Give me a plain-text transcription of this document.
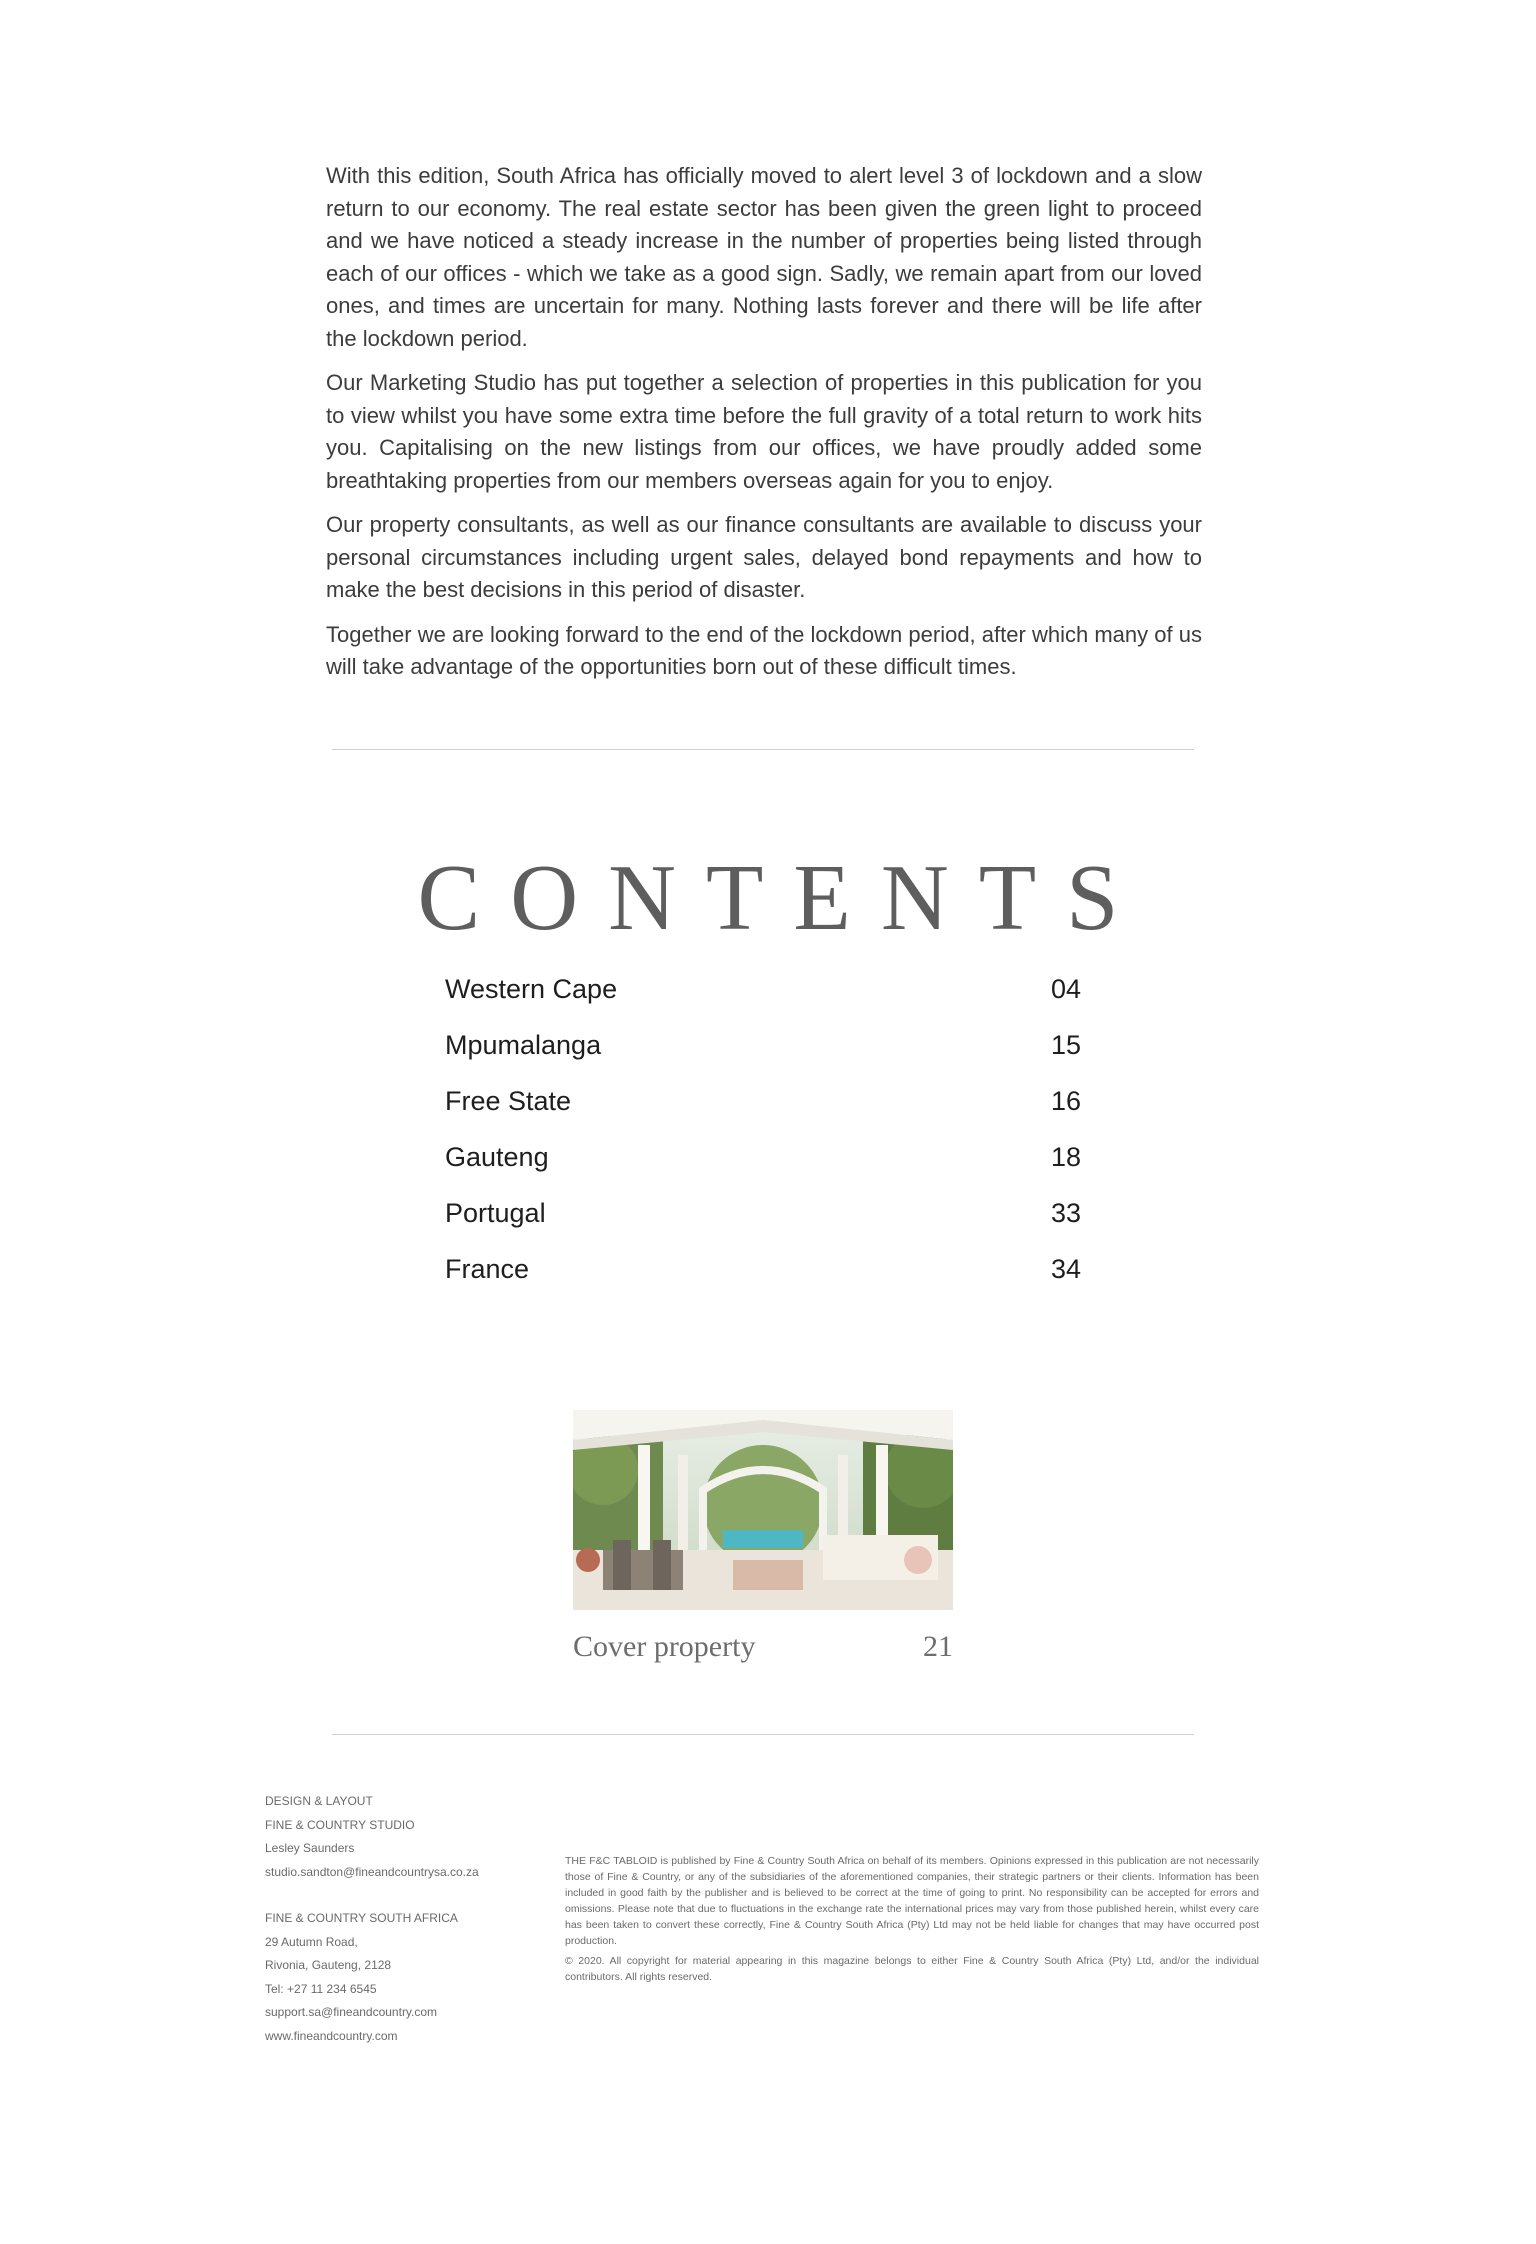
With this edition, South Africa has officially moved to alert level 3 of lockdown and a slow return to our economy. The real estate sector has been given the green light to proceed and we have noticed a steady increase in the number of properties being listed through each of our offices - which we take as a good sign. Sadly, we remain apart from our loved ones, and times are uncertain for many. Nothing lasts forever and there will be life after the lockdown period.

Our Marketing Studio has put together a selection of properties in this publication for you to view whilst you have some extra time before the full gravity of a total return to work hits you. Capitalising on the new listings from our offices, we have proudly added some breathtaking properties from our members overseas again for you to enjoy.

Our property consultants, as well as our finance consultants are available to discuss your personal circumstances including urgent sales, delayed bond repayments and how to make the best decisions in this period of disaster.

Together we are looking forward to the end of the lockdown period, after which many of us will take advantage of the opportunities born out of these difficult times.

CONTENTS
Western Cape	04
Mpumalanga	15
Free State	16
Gauteng	18
Portugal	33
France	34
Cover property	21
DESIGN & LAYOUT
FINE & COUNTRY STUDIO
Lesley Saunders
studio.sandton@fineandcountrysa.co.za
FINE & COUNTRY SOUTH AFRICA
29 Autumn Road,
Rivonia, Gauteng, 2128
Tel: +27 11 234 6545
support.sa@fineandcountry.com
www.fineandcountry.com

THE F&C TABLOID is published by Fine & Country South Africa on behalf of its members. Opinions expressed in this publication are not necessarily those of Fine & Country, or any of the subsidiaries of the aforementioned companies, their strategic partners or their clients. Information has been included in good faith by the publisher and is believed to be correct at the time of going to print. No responsibility can be accepted for errors and omissions. Please note that due to fluctuations in the exchange rate the international prices may vary from those published herein, whilst every care has been taken to convert these correctly, Fine & Country South Africa (Pty) Ltd may not be held liable for changes that may have occurred post production.

© 2020. All copyright for material appearing in this magazine belongs to either Fine & Country South Africa (Pty) Ltd, and/or the individual contributors. All rights reserved.
